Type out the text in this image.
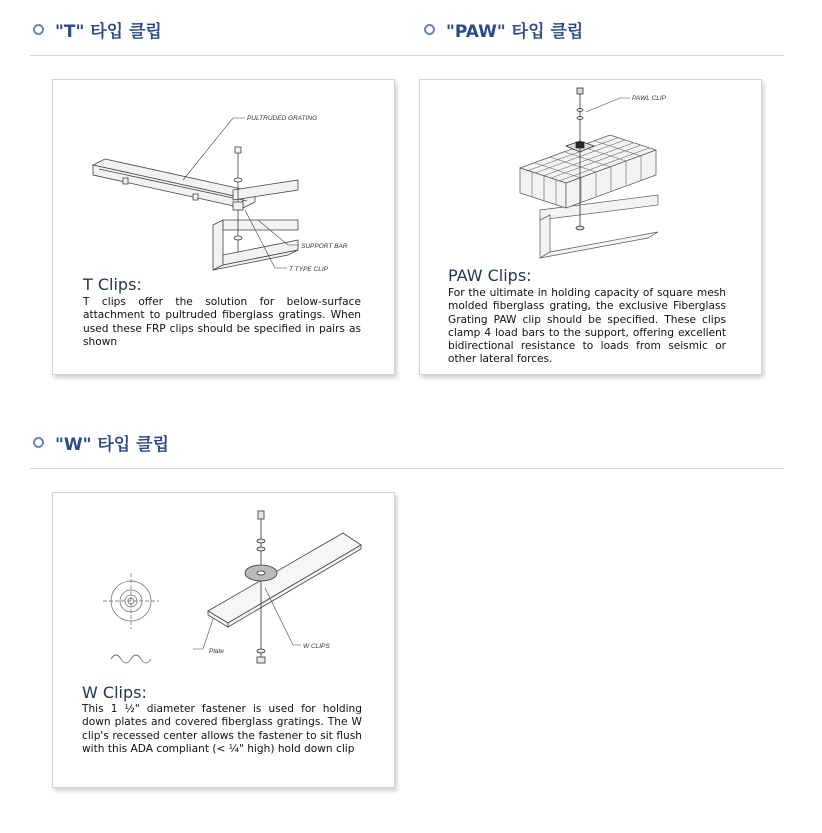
"T" 타입 클립	"PAW" 타입 클립
PULTRUDED GRATING
SUPPORT BAR
T TYPE CLIP
T Clips:
T clips offer the solution for below-surface attachment to pultruded fiberglass gratings. When used these FRP clips should be specified in pairs as shown
PAWL CLIP
PAW Clips:
For the ultimate in holding capacity of square mesh molded fiberglass grating, the exclusive Fiberglass Grating PAW clip should be specified. These clips clamp 4 load bars to the support, offering excellent bidirectional resistance to loads from seismic or other lateral forces.
"W" 타입 클립
Plate
W CLIPS
W Clips:
This 1 ½" diameter fastener is used for holding down plates and covered fiberglass gratings. The W clip's recessed center allows the fastener to sit flush with this ADA compliant (< ¼" high) hold down clip
